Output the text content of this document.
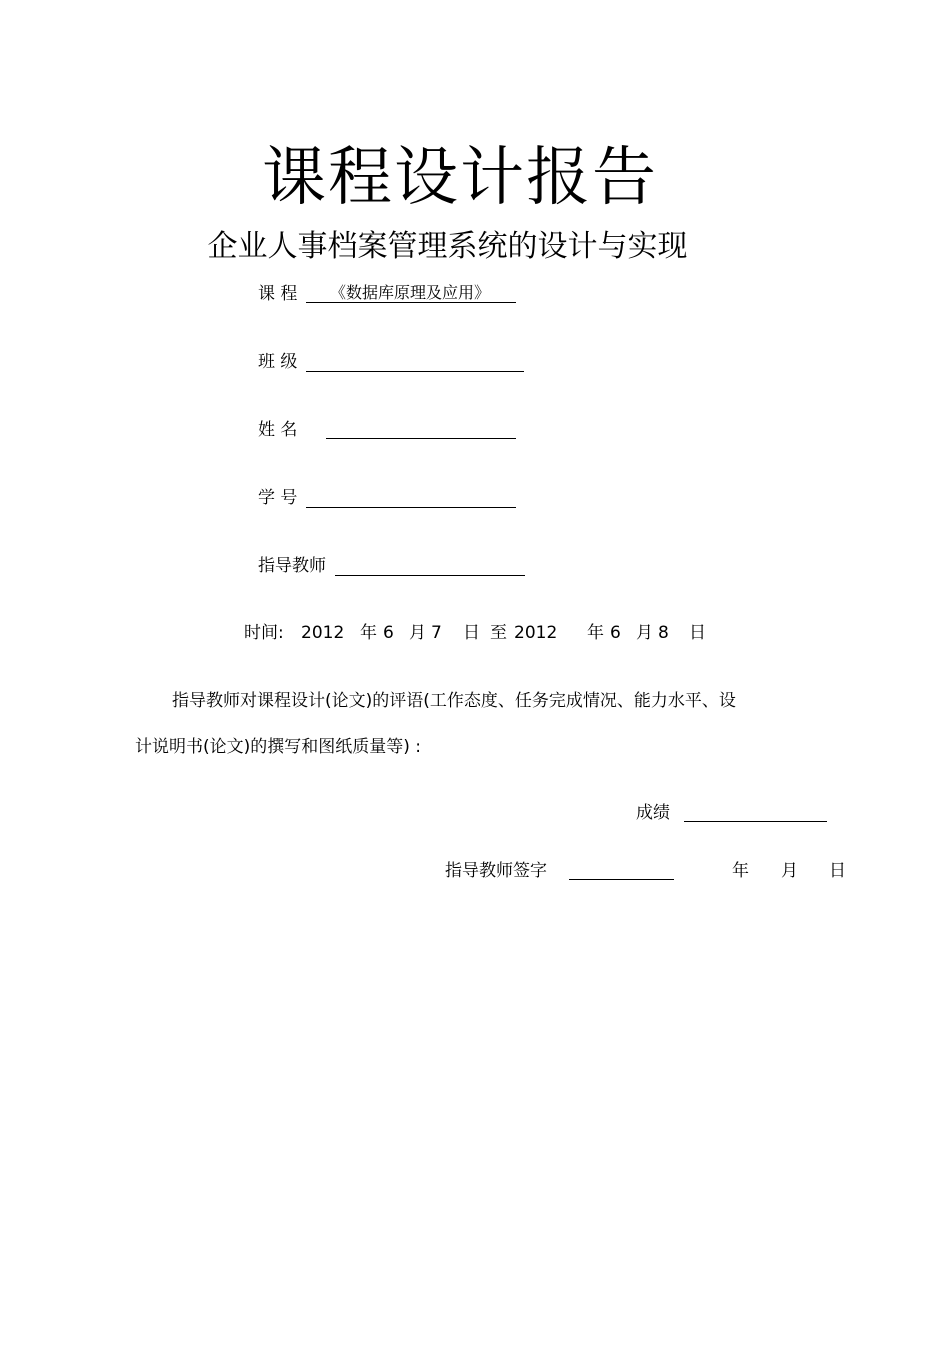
课程设计报告
企业人事档案管理系统的设计与实现
课 程 《数据库原理及应用》
班 级
姓 名
学 号
指导教师
时间: 2012 年 6 月 7 日 至 2012 年 6 月 8 日
指导教师对课程设计(论文)的评语(工作态度、任务完成情况、能力水平、设
计说明书(论文)的撰写和图纸质量等) :
成绩
指导教师签字	年 月 日
